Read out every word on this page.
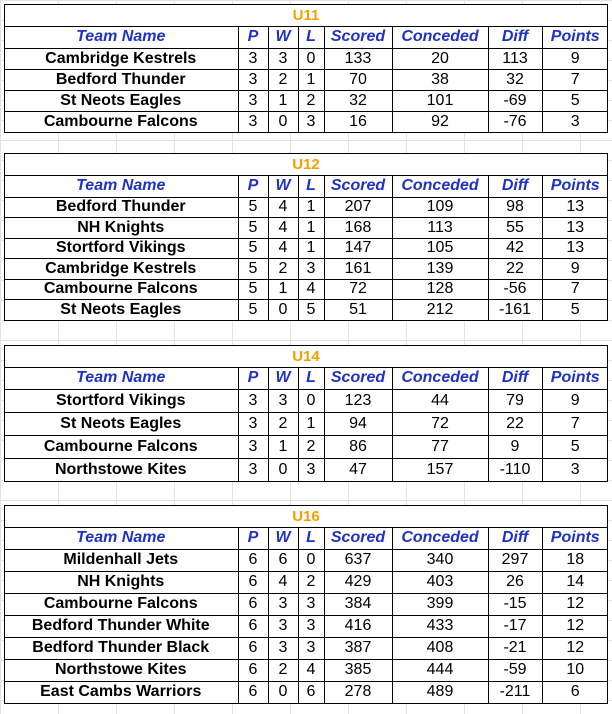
U11
Team Name	P	W	L	Scored	Conceded	Diff	Points
Cambridge Kestrels	3	3	0	133	20	113	9
Bedford Thunder	3	2	1	70	38	32	7
St Neots Eagles	3	1	2	32	101	-69	5
Cambourne Falcons	3	0	3	16	92	-76	3
U12
Team Name	P	W	L	Scored	Conceded	Diff	Points
Bedford Thunder	5	4	1	207	109	98	13
NH Knights	5	4	1	168	113	55	13
Stortford Vikings	5	4	1	147	105	42	13
Cambridge Kestrels	5	2	3	161	139	22	9
Cambourne Falcons	5	1	4	72	128	-56	7
St Neots Eagles	5	0	5	51	212	-161	5
U14
Team Name	P	W	L	Scored	Conceded	Diff	Points
Stortford Vikings	3	3	0	123	44	79	9
St Neots Eagles	3	2	1	94	72	22	7
Cambourne Falcons	3	1	2	86	77	9	5
Northstowe Kites	3	0	3	47	157	-110	3
U16
Team Name	P	W	L	Scored	Conceded	Diff	Points
Mildenhall Jets	6	6	0	637	340	297	18
NH Knights	6	4	2	429	403	26	14
Cambourne Falcons	6	3	3	384	399	-15	12
Bedford Thunder White	6	3	3	416	433	-17	12
Bedford Thunder Black	6	3	3	387	408	-21	12
Northstowe Kites	6	2	4	385	444	-59	10
East Cambs Warriors	6	0	6	278	489	-211	6
